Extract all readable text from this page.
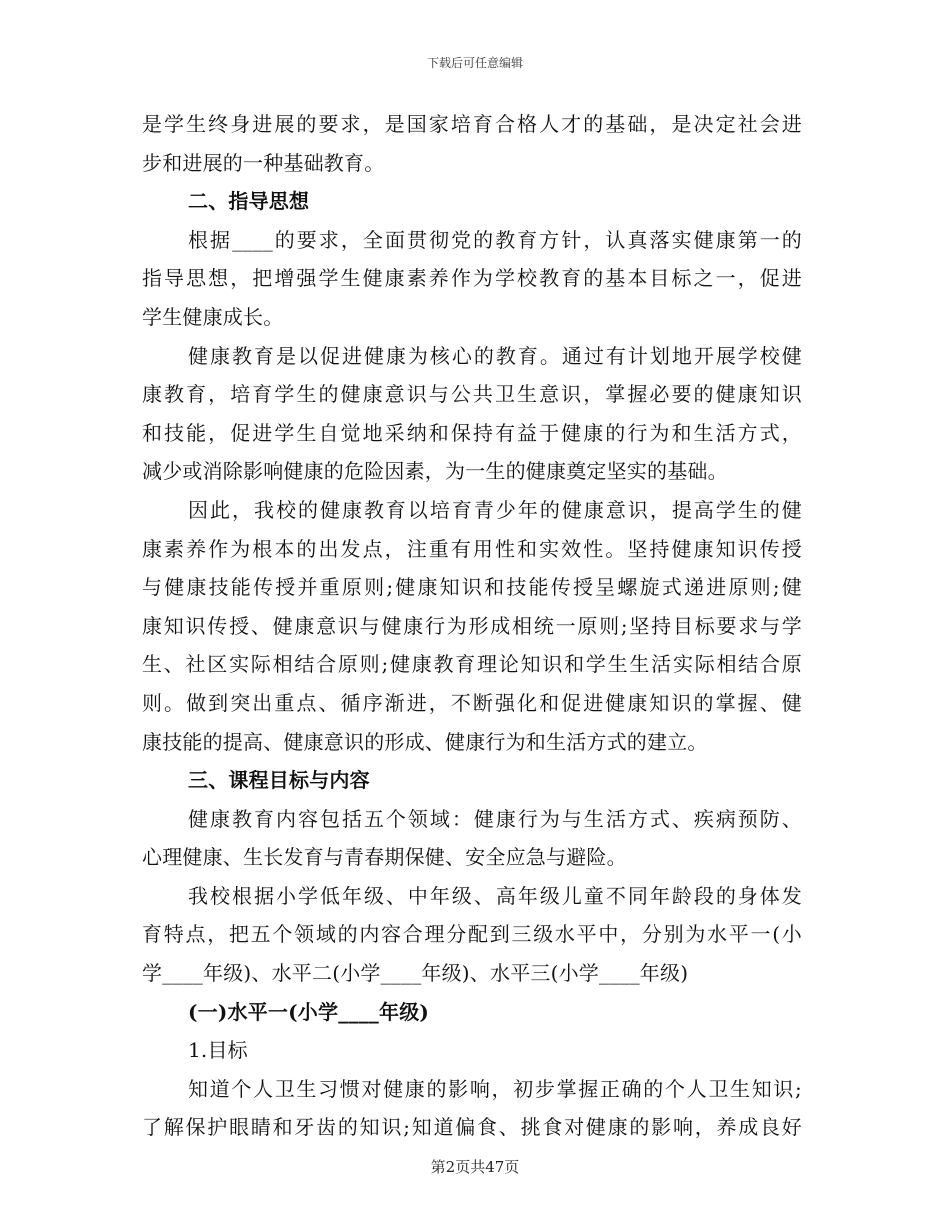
下载后可任意编辑
是学生终身进展的要求，是国家培育合格人才的基础，是决定社会进
步和进展的一种基础教育。
二、指导思想
根据____的要求，全面贯彻党的教育方针，认真落实健康第一的
指导思想，把增强学生健康素养作为学校教育的基本目标之一，促进
学生健康成长。
健康教育是以促进健康为核心的教育。通过有计划地开展学校健
康教育，培育学生的健康意识与公共卫生意识，掌握必要的健康知识
和技能，促进学生自觉地采纳和保持有益于健康的行为和生活方式，
减少或消除影响健康的危险因素，为一生的健康奠定坚实的基础。
因此，我校的健康教育以培育青少年的健康意识，提高学生的健
康素养作为根本的出发点，注重有用性和实效性。坚持健康知识传授
与健康技能传授并重原则;健康知识和技能传授呈螺旋式递进原则;健
康知识传授、健康意识与健康行为形成相统一原则;坚持目标要求与学
生、社区实际相结合原则;健康教育理论知识和学生生活实际相结合原
则。做到突出重点、循序渐进，不断强化和促进健康知识的掌握、健
康技能的提高、健康意识的形成、健康行为和生活方式的建立。
三、课程目标与内容
健康教育内容包括五个领域：健康行为与生活方式、疾病预防、
心理健康、生长发育与青春期保健、安全应急与避险。
我校根据小学低年级、中年级、高年级儿童不同年龄段的身体发
育特点，把五个领域的内容合理分配到三级水平中，分别为水平一(小
学____年级)、水平二(小学____年级)、水平三(小学____年级)
(一)水平一(小学____年级)
1.目标
知道个人卫生习惯对健康的影响，初步掌握正确的个人卫生知识;
了解保护眼睛和牙齿的知识;知道偏食、挑食对健康的影响，养成良好
第2页共47页
